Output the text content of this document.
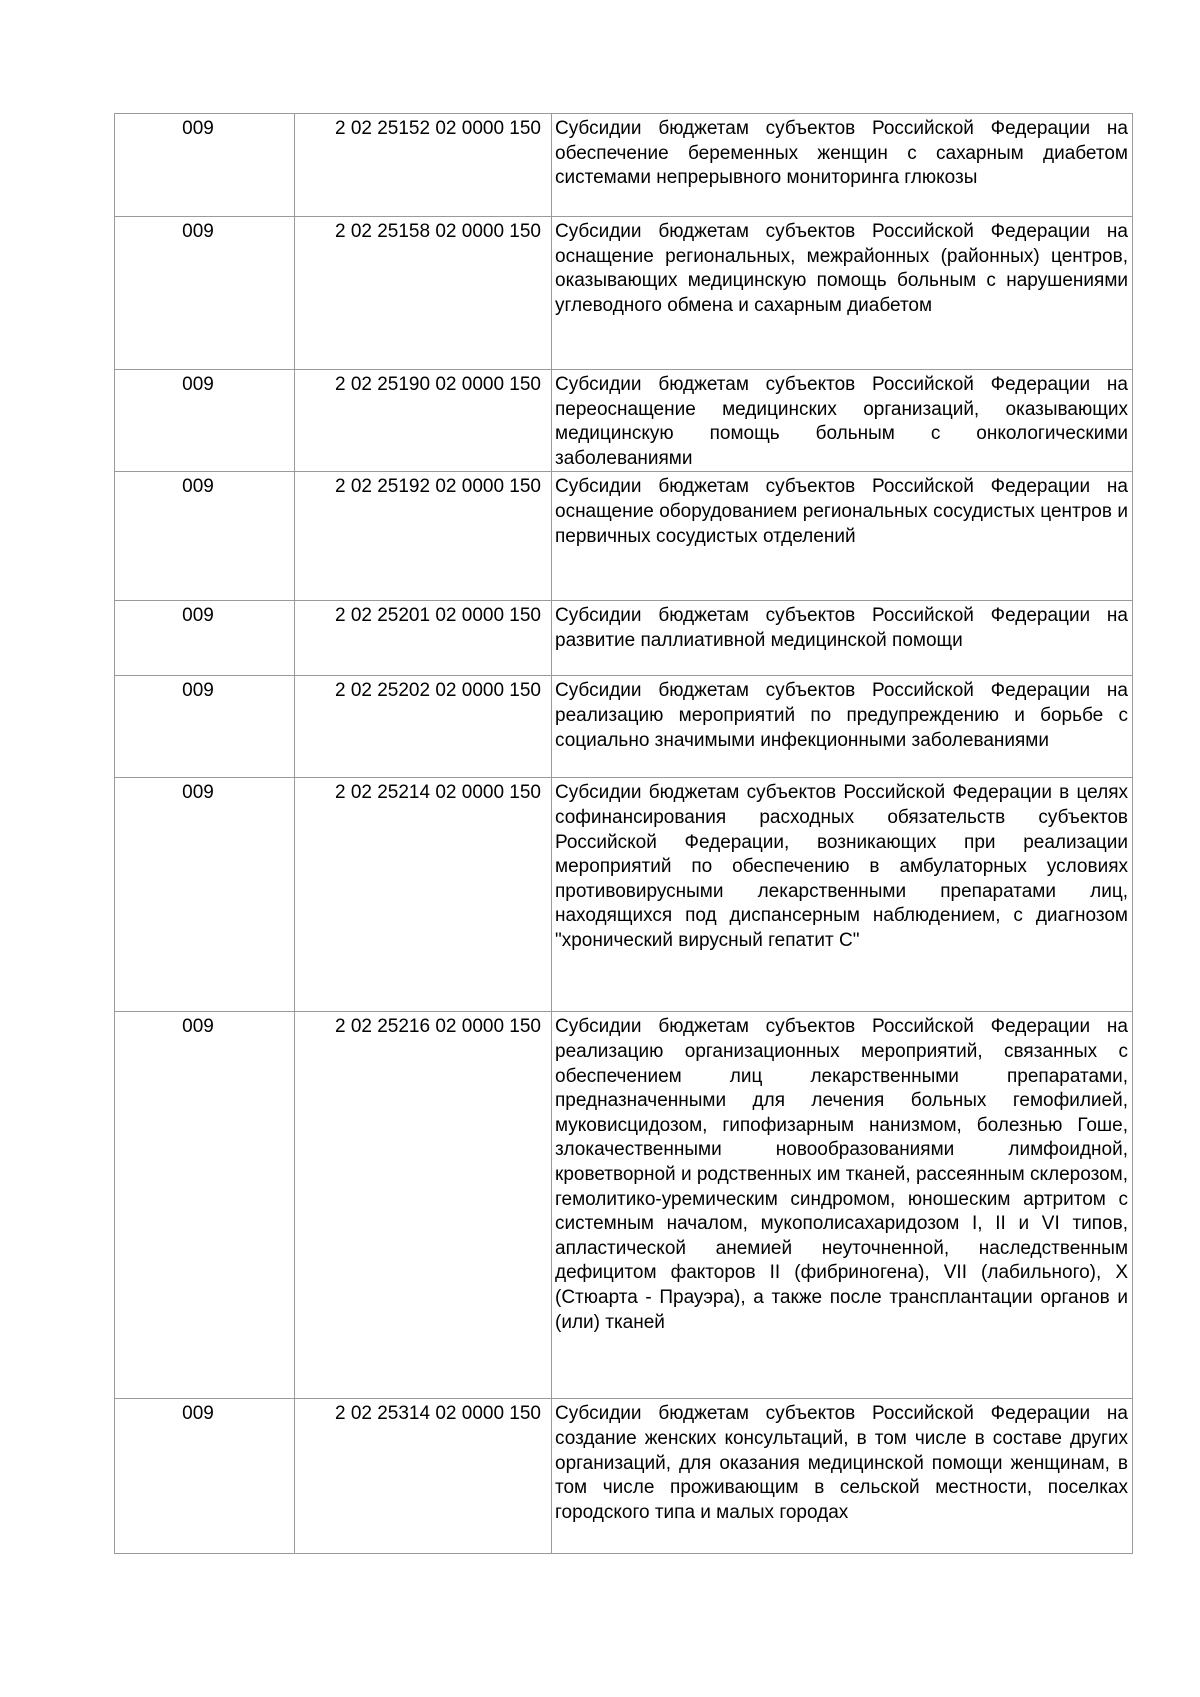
009	2 02 25152 02 0000 150	Субсидии бюджетам субъектов Российской Федерации на обеспечение беременных женщин с сахарным диабетом системами непрерывного мониторинга глюкозы
009	2 02 25158 02 0000 150	Субсидии бюджетам субъектов Российской Федерации на оснащение региональных, межрайонных (районных) центров, оказывающих медицинскую помощь больным с нарушениями углеводного обмена и сахарным диабетом
009	2 02 25190 02 0000 150	Субсидии бюджетам субъектов Российской Федерации на переоснащение медицинских организаций, оказывающих медицинскую помощь больным с онкологическими заболеваниями
009	2 02 25192 02 0000 150	Субсидии бюджетам субъектов Российской Федерации на оснащение оборудованием региональных сосудистых центров и первичных сосудистых отделений
009	2 02 25201 02 0000 150	Субсидии бюджетам субъектов Российской Федерации на развитие паллиативной медицинской помощи
009	2 02 25202 02 0000 150	Субсидии бюджетам субъектов Российской Федерации на реализацию мероприятий по предупреждению и борьбе с социально значимыми инфекционными заболеваниями
009	2 02 25214 02 0000 150	Субсидии бюджетам субъектов Российской Федерации в целях софинансирования расходных обязательств субъектов Российской Федерации, возникающих при реализации мероприятий по обеспечению в амбулаторных условиях противовирусными лекарственными препаратами лиц, находящихся под диспансерным наблюдением, с диагнозом "хронический вирусный гепатит С"
009	2 02 25216 02 0000 150	Субсидии бюджетам субъектов Российской Федерации на реализацию организационных мероприятий, связанных с обеспечением лиц лекарственными препаратами, предназначенными для лечения больных гемофилией, муковисцидозом, гипофизарным нанизмом, болезнью Гоше, злокачественными новообразованиями лимфоидной, кроветворной и родственных им тканей, рассеянным склерозом, гемолитико-уремическим синдромом, юношеским артритом с системным началом, мукополисахаридозом I, II и VI типов, апластической анемией неуточненной, наследственным дефицитом факторов II (фибриногена), VII (лабильного), X (Стюарта - Прауэра), а также после трансплантации органов и (или) тканей
009	2 02 25314 02 0000 150	Субсидии бюджетам субъектов Российской Федерации на создание женских консультаций, в том числе в составе других организаций, для оказания медицинской помощи женщинам, в том числе проживающим в сельской местности, поселках городского типа и малых городах
